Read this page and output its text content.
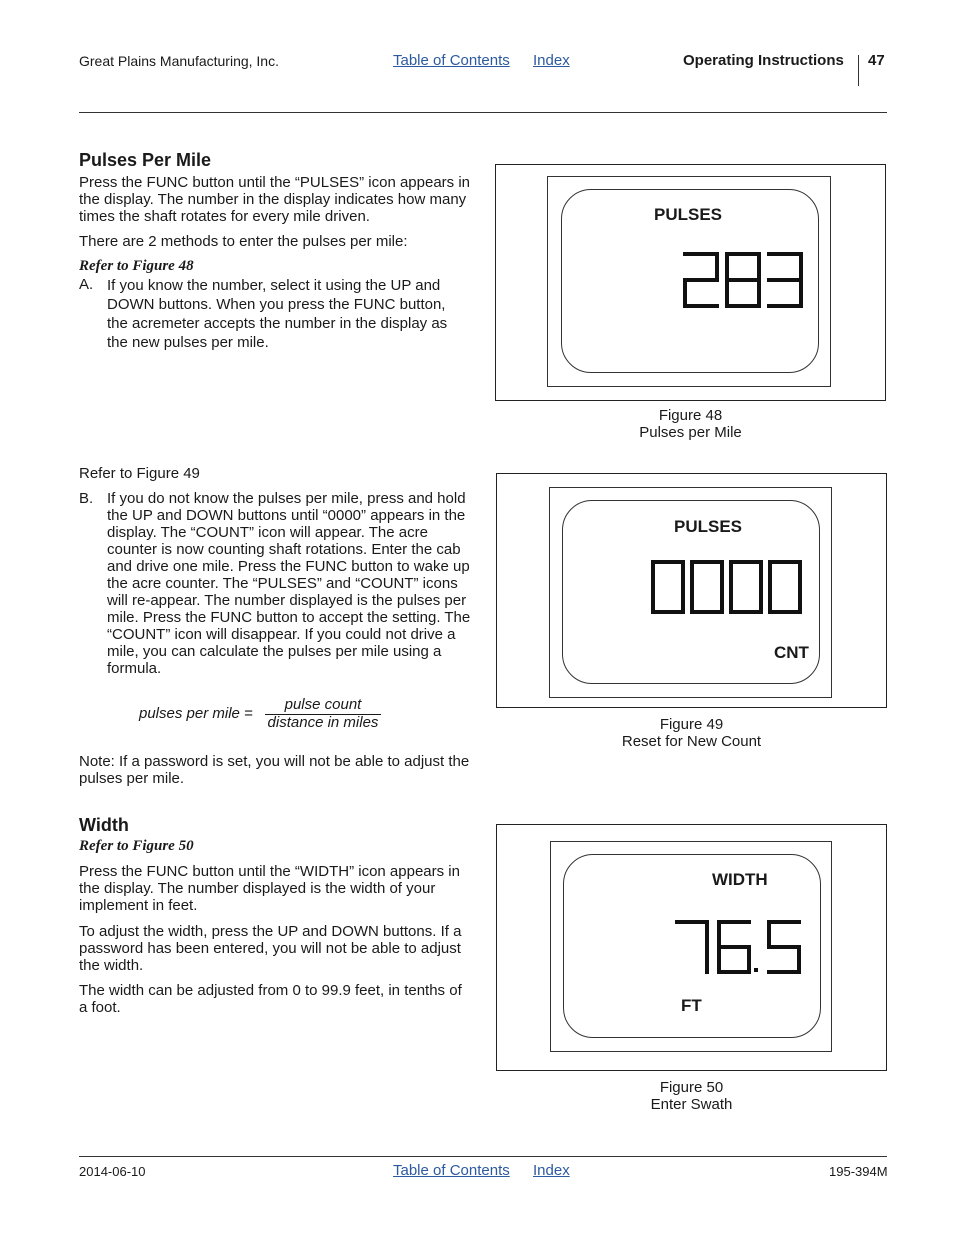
Great Plains Manufacturing, Inc.	Table of Contents Index	Operating Instructions 47
Pulses Per Mile
Press the FUNC button until the “PULSES” icon appears in the display. The number in the display indicates how many times the shaft rotates for every mile driven.
There are 2 methods to enter the pulses per mile:
Refer to Figure 48
A. If you know the number, select it using the UP and DOWN buttons. When you press the FUNC button, the acremeter accepts the number in the display as the new pulses per mile.
Refer to Figure 49
B. If you do not know the pulses per mile, press and hold the UP and DOWN buttons until “0000” appears in the display. The “COUNT” icon will appear. The acre counter is now counting shaft rotations. Enter the cab and drive one mile. Press the FUNC button to wake up the acre counter. The “PULSES” and “COUNT” icons will re-appear. The number displayed is the pulses per mile. Press the FUNC button to accept the setting. The “COUNT” icon will disappear. If you could not drive a mile, you can calculate the pulses per mile using a formula.
pulses per mile =
pulse count
distance in miles
Note: If a password is set, you will not be able to adjust the pulses per mile.
Width
Refer to Figure 50
Press the FUNC button until the “WIDTH” icon appears in the display. The number displayed is the width of your implement in feet.
To adjust the width, press the UP and DOWN buttons. If a password has been entered, you will not be able to adjust the width.
The width can be adjusted from 0 to 99.9 feet, in tenths of a foot.
PULSES
Figure 48
Pulses per Mile
PULSES
CNT
Figure 49
Reset for New Count
WIDTH
FT
Figure 50
Enter Swath
2014-06-10	Table of Contents Index	195-394M
